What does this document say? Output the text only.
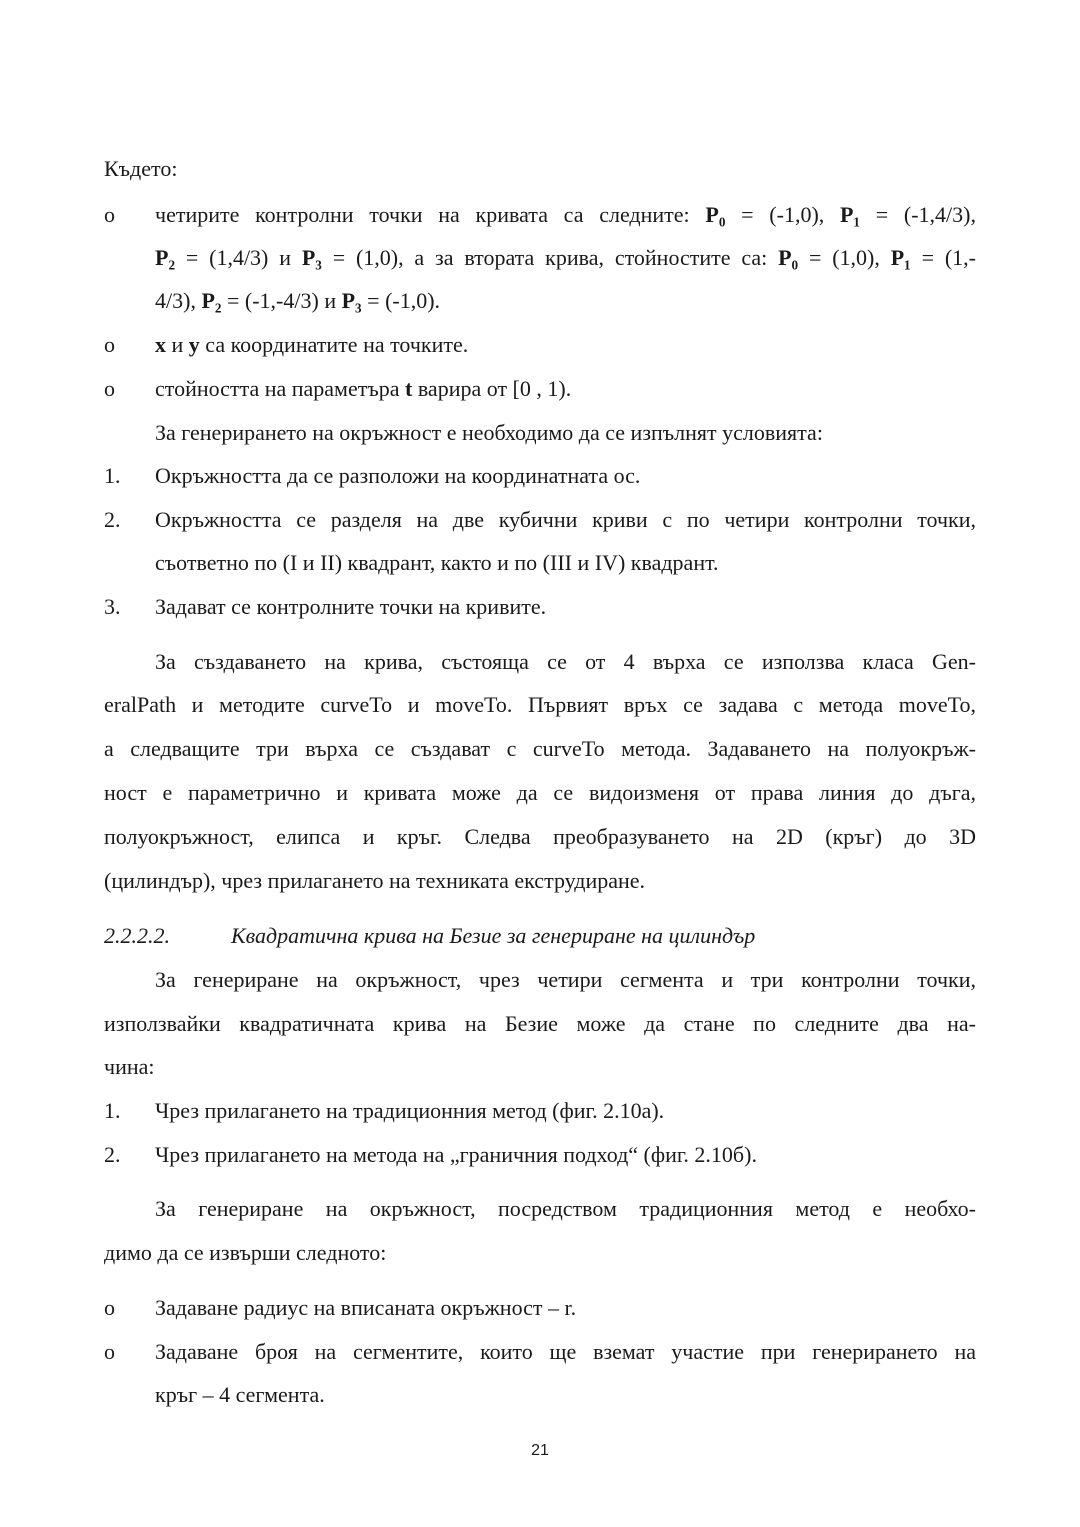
Където:
o четирите контролни точки на кривата са следните: P₀ = (-1,0), P₁ = (-1,4/3),
P₂ = (1,4/3) и P₃ = (1,0), а за втората крива, стойностите са: P₀ = (1,0), P₁ = (1,-
4/3), P₂ = (-1,-4/3) и P₃ = (-1,0).
o x и y са координатите на точките.
o стойността на параметъра t варира от [0 , 1).
За генерирането на окръжност е необходимо да се изпълнят условията:
1. Окръжността да се разположи на координатната ос.
2. Окръжността се разделя на две кубични криви с по четири контролни точки,
съответно по (I и II) квадрант, както и по (III и IV) квадрант.
3. Задават се контролните точки на кривите.
За създаването на крива, състояща се от 4 върха се използва класа Gen-
eralPath и методите curveTo и moveTo. Първият връх се задава с метода moveTo,
а следващите три върха се създават с curveTo метода. Задаването на полуокръж-
ност е параметрично и кривата може да се видоизменя от права линия до дъга,
полуокръжност, елипса и кръг. Следва преобразуването на 2D (кръг) до 3D
(цилиндър), чрез прилагането на техниката екструдиране.
2.2.2.2.	Квадратична крива на Безие за генериране на цилиндър
За генериране на окръжност, чрез четири сегмента и три контролни точки,
използвайки квадратичната крива на Безие може да стане по следните два на-
чина:
1. Чрез прилагането на традиционния метод (фиг. 2.10а).
2. Чрез прилагането на метода на „граничния подход“ (фиг. 2.10б).
За генериране на окръжност, посредством традиционния метод е необхо-
димо да се извърши следното:
o Задаване радиус на вписаната окръжност – r.
o Задаване броя на сегментите, които ще вземат участие при генерирането на
кръг – 4 сегмента.
21
